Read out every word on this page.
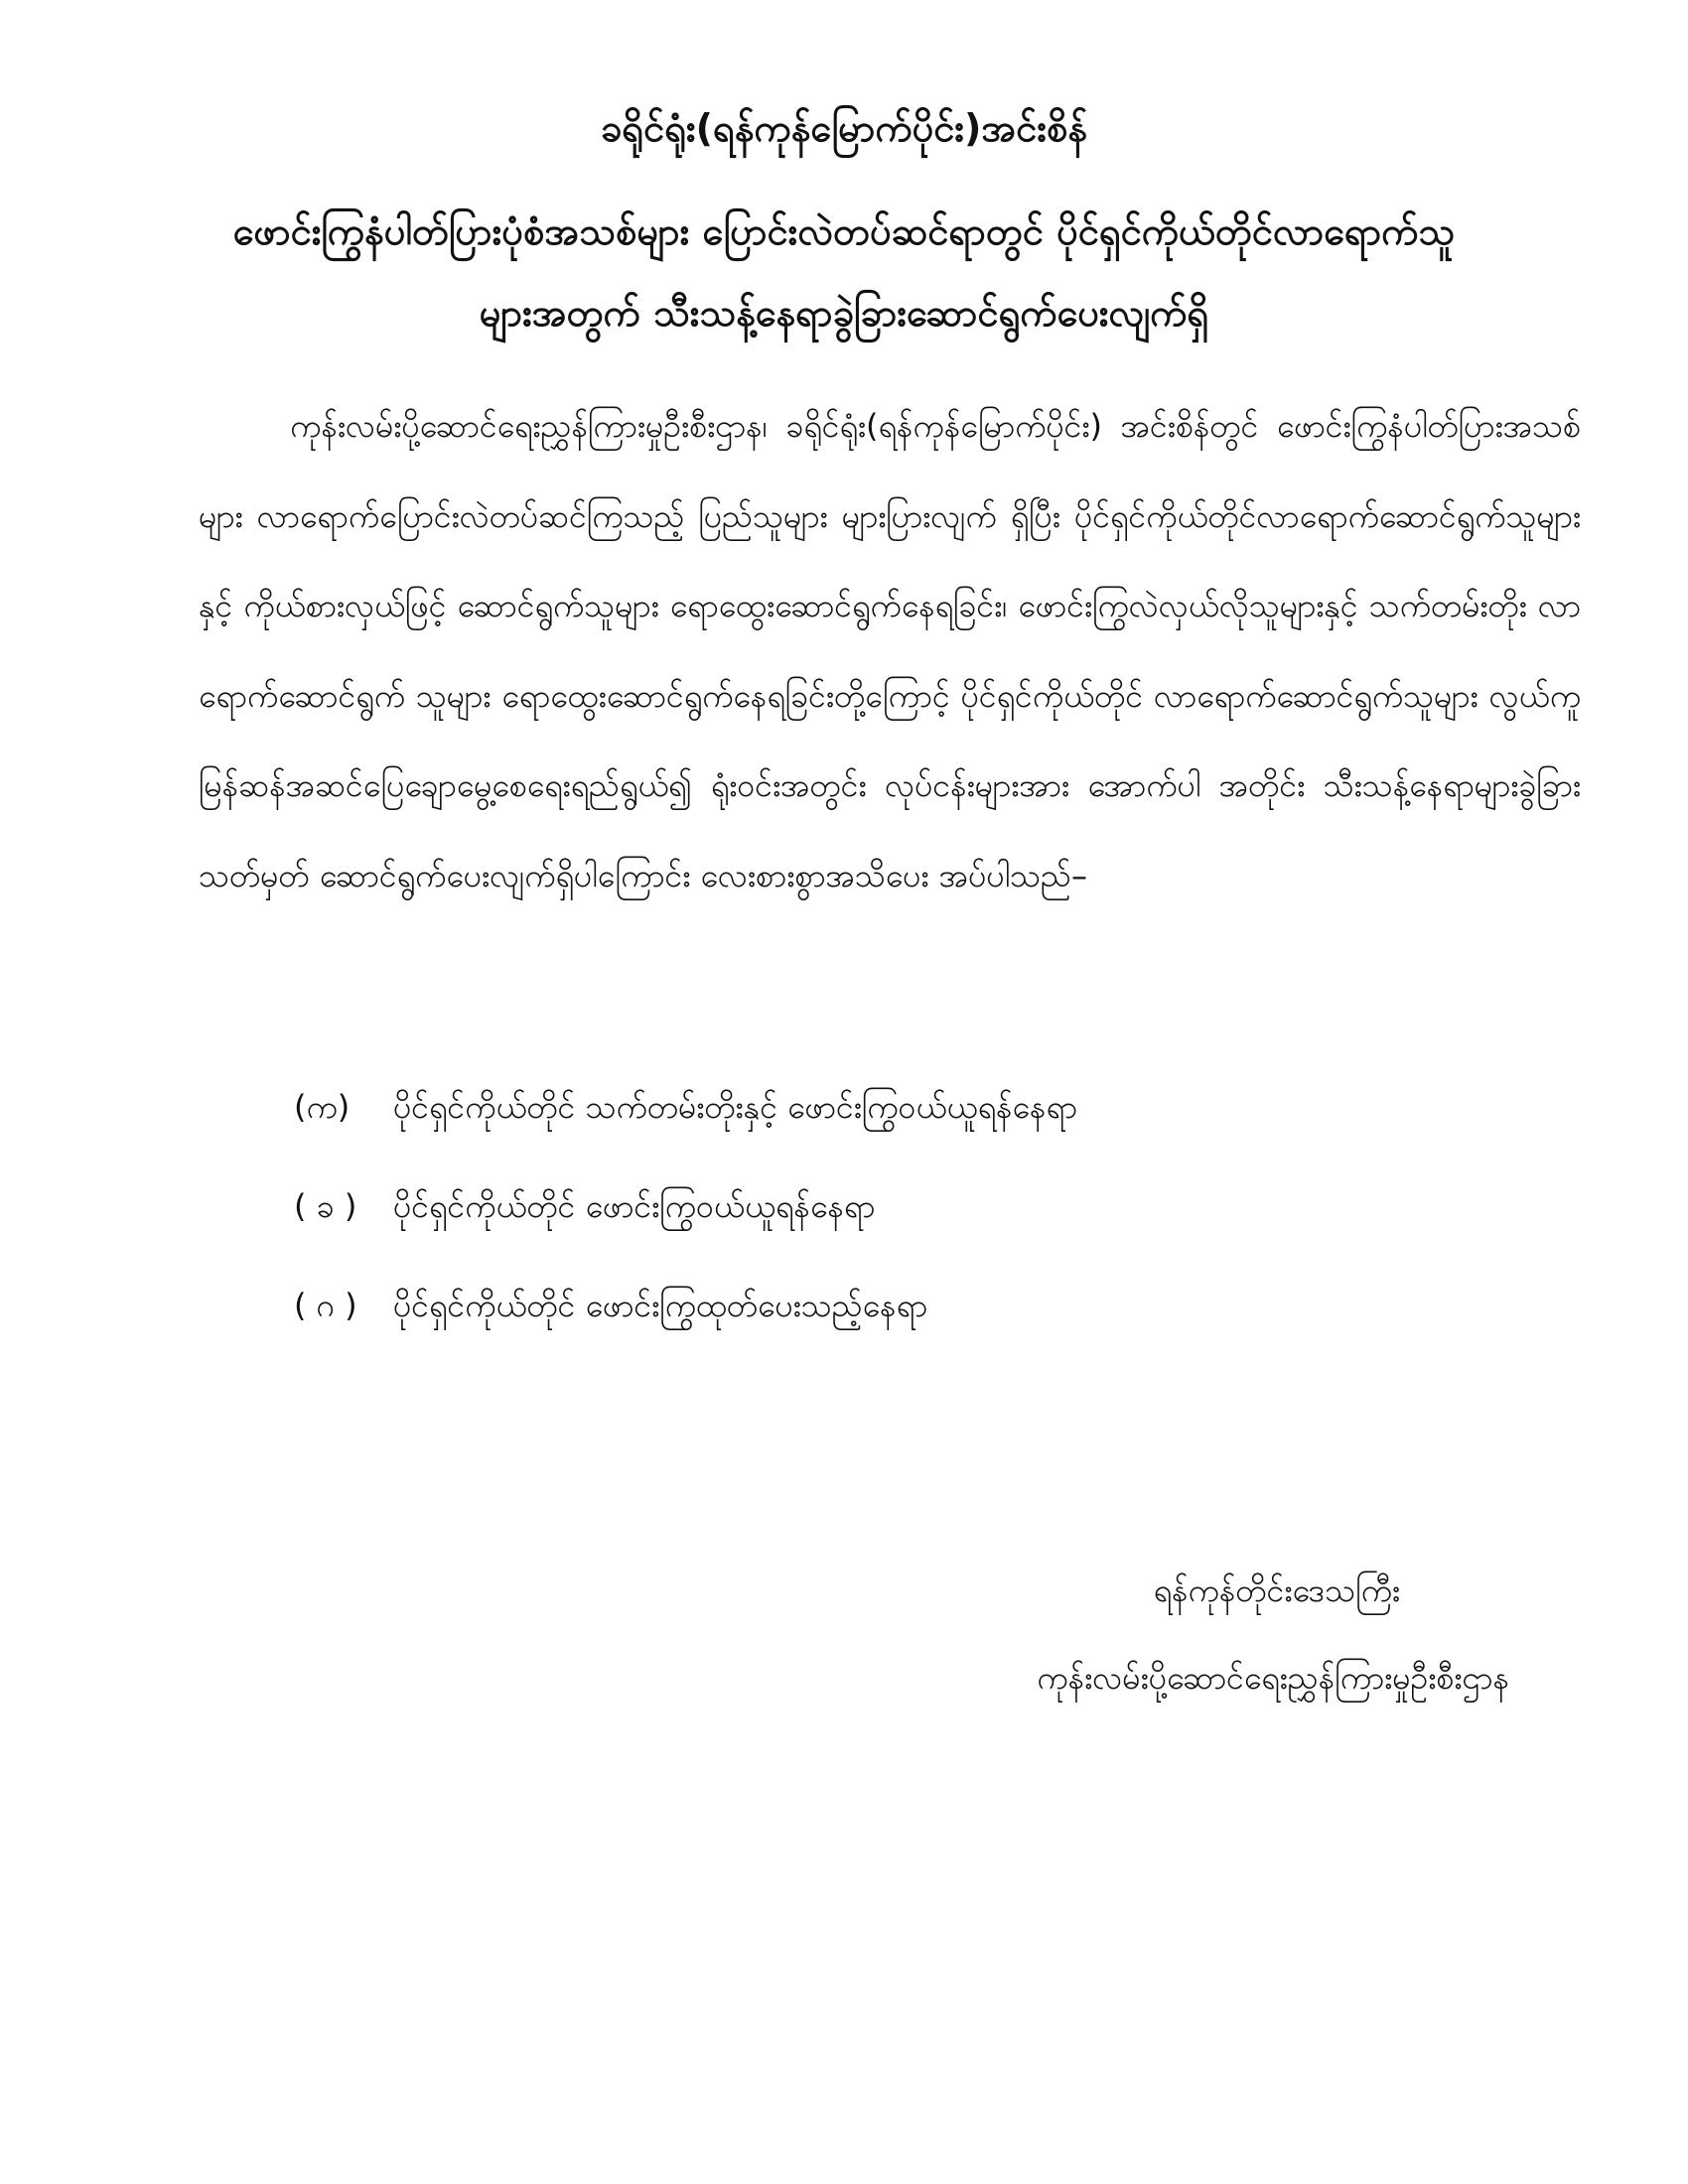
ခရိုင်ရုံး(ရန်ကုန်မြောက်ပိုင်း)အင်းစိန်
ဖောင်းကြွနံပါတ်ပြားပုံစံအသစ်များ ပြောင်းလဲတပ်ဆင်ရာတွင် ပိုင်ရှင်ကိုယ်တိုင်လာရောက်သူ
များအတွက် သီးသန့်နေရာခွဲခြားဆောင်ရွက်ပေးလျက်ရှိ

ကုန်းလမ်းပို့ဆောင်ရေးညွှန်ကြားမှုဦးစီးဌာန၊ ခရိုင်ရုံး(ရန်ကုန်မြောက်ပိုင်း) အင်းစိန်တွင် ဖောင်းကြွနံပါတ်ပြားအသစ်များ လာရောက်ပြောင်းလဲတပ်ဆင်ကြသည့် ပြည်သူများ များပြားလျက် ရှိပြီး ပိုင်ရှင်ကိုယ်တိုင်လာရောက်ဆောင်ရွက်သူများနှင့် ကိုယ်စားလှယ်ဖြင့် ဆောင်ရွက်သူများ ရောထွေးဆောင်ရွက်နေရခြင်း၊ ဖောင်းကြွလဲလှယ်လိုသူများနှင့် သက်တမ်းတိုး လာရောက်ဆောင်ရွက် သူများ ရောထွေးဆောင်ရွက်နေရခြင်းတို့ကြောင့် ပိုင်ရှင်ကိုယ်တိုင် လာရောက်ဆောင်ရွက်သူများ လွယ်ကူမြန်ဆန်အဆင်ပြေချောမွေ့စေရေးရည်ရွယ်၍ ရုံးဝင်းအတွင်း လုပ်ငန်းများအား အောက်ပါ အတိုင်း သီးသန့်နေရာများခွဲခြားသတ်မှတ် ဆောင်ရွက်ပေးလျက်ရှိပါကြောင်း လေးစားစွာအသိပေး အပ်ပါသည်–

(က)	ပိုင်ရှင်ကိုယ်တိုင် သက်တမ်းတိုးနှင့် ဖောင်းကြွဝယ်ယူရန်နေရာ
( ခ )	ပိုင်ရှင်ကိုယ်တိုင် ဖောင်းကြွဝယ်ယူရန်နေရာ
( ဂ )	ပိုင်ရှင်ကိုယ်တိုင် ဖောင်းကြွထုတ်ပေးသည့်နေရာ
ရန်ကုန်တိုင်းဒေသကြီး
ကုန်းလမ်းပို့ဆောင်ရေးညွှန်ကြားမှုဦးစီးဌာန
